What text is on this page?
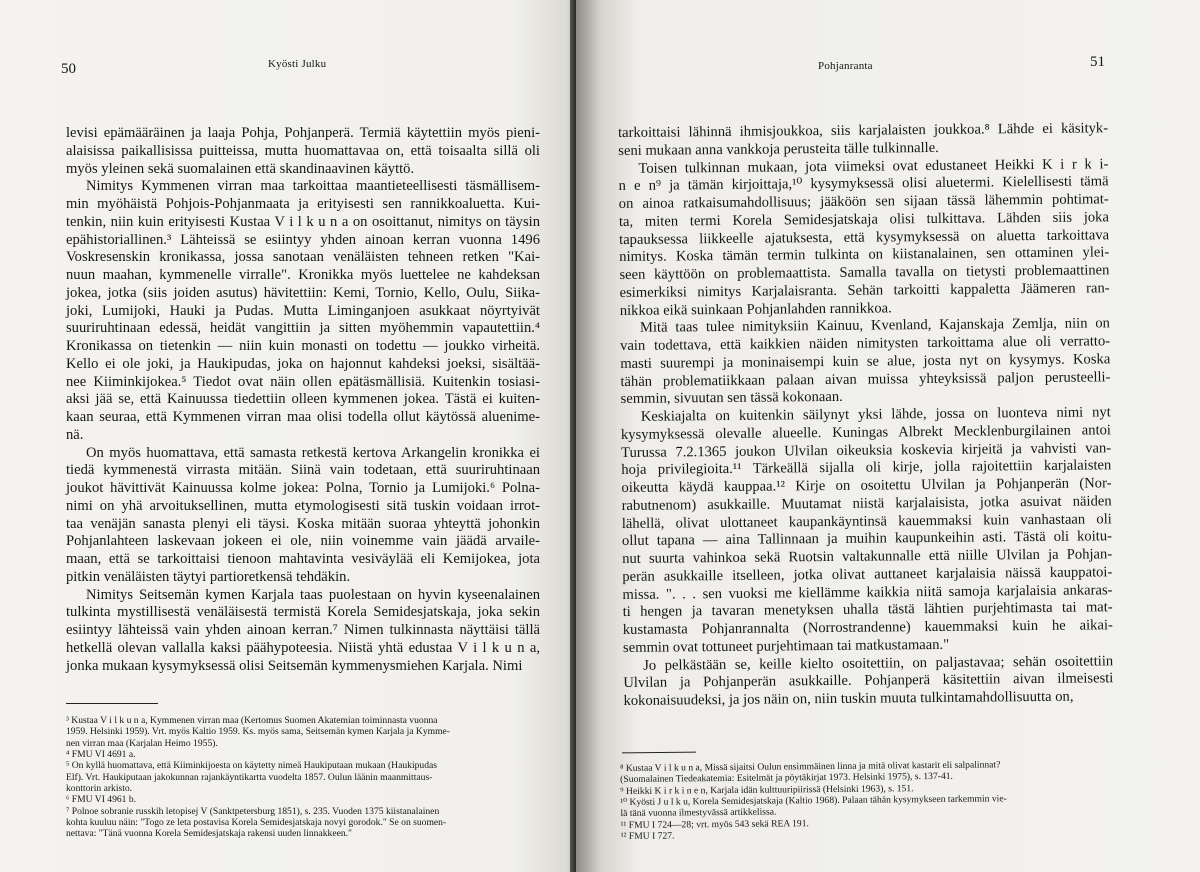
50	Kyösti Julku

levisi epämääräinen ja laaja Pohja, Pohjanperä. Termiä käytettiin myös pieni-
alaisissa paikallisissa puitteissa, mutta huomattavaa on, että toisaalta sillä oli
myös yleinen sekä suomalainen että skandinaavinen käyttö.

Nimitys Kymmenen virran maa tarkoittaa maantieteellisesti täsmällisem-
min myöhäistä Pohjois-Pohjanmaata ja erityisesti sen rannikkoaluetta. Kui-
tenkin, niin kuin erityisesti Kustaa V i l k u n a on osoittanut, nimitys on täysin
epähistoriallinen.³ Lähteissä se esiintyy yhden ainoan kerran vuonna 1496
Voskresenskin kronikassa, jossa sanotaan venäläisten tehneen retken "Kai-
nuun maahan, kymmenelle virralle". Kronikka myös luettelee ne kahdeksan
jokea, jotka (siis joiden asutus) hävitettiin: Kemi, Tornio, Kello, Oulu, Siika-
joki, Lumijoki, Hauki ja Pudas. Mutta Liminganjoen asukkaat nöyrtyivät
suuriruhtinaan edessä, heidät vangittiin ja sitten myöhemmin vapautettiin.⁴
Kronikassa on tietenkin — niin kuin monasti on todettu — joukko virheitä.
Kello ei ole joki, ja Haukipudas, joka on hajonnut kahdeksi joeksi, sisältää-
nee Kiiminkijokea.⁵ Tiedot ovat näin ollen epätäsmällisiä. Kuitenkin tosiasi-
aksi jää se, että Kainuussa tiedettiin olleen kymmenen jokea. Tästä ei kuiten-
kaan seuraa, että Kymmenen virran maa olisi todella ollut käytössä aluenime-
nä.

On myös huomattava, että samasta retkestä kertova Arkangelin kronikka ei
tiedä kymmenestä virrasta mitään. Siinä vain todetaan, että suuriruhtinaan
joukot hävittivät Kainuussa kolme jokea: Polna, Tornio ja Lumijoki.⁶ Polna-
nimi on yhä arvoituksellinen, mutta etymologisesti sitä tuskin voidaan irrot-
taa venäjän sanasta plenyi eli täysi. Koska mitään suoraa yhteyttä johonkin
Pohjanlahteen laskevaan jokeen ei ole, niin voinemme vain jäädä arvaile-
maan, että se tarkoittaisi tienoon mahtavinta vesiväylää eli Kemijokea, jota
pitkin venäläisten täytyi partioretkensä tehdäkin.

Nimitys Seitsemän kymen Karjala taas puolestaan on hyvin kyseenalainen
tulkinta mystillisestä venäläisestä termistä Korela Semidesjatskaja, joka sekin
esiintyy lähteissä vain yhden ainoan kerran.⁷ Nimen tulkinnasta näyttäisi tällä
hetkellä olevan vallalla kaksi päähypoteesia. Niistä yhtä edustaa V i l k u n a,
jonka mukaan kysymyksessä olisi Seitsemän kymmenysmiehen Karjala. Nimi

³ Kustaa V i l k u n a, Kymmenen virran maa (Kertomus Suomen Akatemian toiminnasta vuonna
1959. Helsinki 1959). Vrt. myös Kaltio 1959. Ks. myös sama, Seitsemän kymen Karjala ja Kymme-
nen virran maa (Karjalan Heimo 1955).
⁴ FMU VI 4691 a.
⁵ On kyllä huomattava, että Kiiminkijoesta on käytetty nimeä Haukiputaan mukaan (Haukipudas
Elf). Vrt. Haukiputaan jakokunnan rajankäyntikartta vuodelta 1857. Oulun läänin maanmittaus-
konttorin arkisto.
⁶ FMU VI 4961 b.
⁷ Polnoe sobranie russkih letopisej V (Sanktpetersburg 1851), s. 235. Vuoden 1375 kiistanalainen
kohta kuuluu näin: "Togo ze leta postavisa Korela Semidesjatskaja novyi gorodok." Se on suomen-
nettava: "Tänä vuonna Korela Semidesjatskaja rakensi uuden linnakkeen."
Pohjanranta	51

tarkoittaisi lähinnä ihmisjoukkoa, siis karjalaisten joukkoa.⁸ Lähde ei käsityk-
seni mukaan anna vankkoja perusteita tälle tulkinnalle.

Toisen tulkinnan mukaan, jota viimeksi ovat edustaneet Heikki K i r k i-
n e n⁹ ja tämän kirjoittaja,¹⁰ kysymyksessä olisi aluetermi. Kielellisesti tämä
on ainoa ratkaisumahdollisuus; jääköön sen sijaan tässä lähemmin pohtimat-
ta, miten termi Korela Semidesjatskaja olisi tulkittava. Lähden siis joka
tapauksessa liikkeelle ajatuksesta, että kysymyksessä on aluetta tarkoittava
nimitys. Koska tämän termin tulkinta on kiistanalainen, sen ottaminen ylei-
seen käyttöön on problemaattista. Samalla tavalla on tietysti problemaattinen
esimerkiksi nimitys Karjalaisranta. Sehän tarkoitti kappaletta Jäämeren ran-
nikkoa eikä suinkaan Pohjanlahden rannikkoa.

Mitä taas tulee nimityksiin Kainuu, Kvenland, Kajanskaja Zemlja, niin on
vain todettava, että kaikkien näiden nimitysten tarkoittama alue oli verratto-
masti suurempi ja moninaisempi kuin se alue, josta nyt on kysymys. Koska
tähän problematiikkaan palaan aivan muissa yhteyksissä paljon perusteelli-
semmin, sivuutan sen tässä kokonaan.

Keskiajalta on kuitenkin säilynyt yksi lähde, jossa on luonteva nimi nyt
kysymyksessä olevalle alueelle. Kuningas Albrekt Mecklenburgilainen antoi
Turussa 7.2.1365 joukon Ulvilan oikeuksia koskevia kirjeitä ja vahvisti van-
hoja privilegioita.¹¹ Tärkeällä sijalla oli kirje, jolla rajoitettiin karjalaisten
oikeutta käydä kauppaa.¹² Kirje on osoitettu Ulvilan ja Pohjanperän (Nor-
rabutnenom) asukkaille. Muutamat niistä karjalaisista, jotka asuivat näiden
lähellä, olivat ulottaneet kaupankäyntinsä kauemmaksi kuin vanhastaan oli
ollut tapana — aina Tallinnaan ja muihin kaupunkeihin asti. Tästä oli koitu-
nut suurta vahinkoa sekä Ruotsin valtakunnalle että niille Ulvilan ja Pohjan-
perän asukkaille itselleen, jotka olivat auttaneet karjalaisia näissä kauppatoi-
missa. ". . . sen vuoksi me kiellämme kaikkia niitä samoja karjalaisia ankaras-
ti hengen ja tavaran menetyksen uhalla tästä lähtien purjehtimasta tai mat-
kustamasta Pohjanrannalta (Norrostrandenne) kauemmaksi kuin he aikai-
semmin ovat tottuneet purjehtimaan tai matkustamaan."

Jo pelkästään se, keille kielto osoitettiin, on paljastavaa; sehän osoitettiin
Ulvilan ja Pohjanperän asukkaille. Pohjanperä käsitettiin aivan ilmeisesti
kokonaisuudeksi, ja jos näin on, niin tuskin muuta tulkintamahdollisuutta on,

⁸ Kustaa V i l k u n a, Missä sijaitsi Oulun ensimmäinen linna ja mitä olivat kastarit eli salpalinnat?
(Suomalainen Tiedeakatemia: Esitelmät ja pöytäkirjat 1973. Helsinki 1975), s. 137-41.
⁹ Heikki K i r k i n e n, Karjala idän kulttuuripiirissä (Helsinki 1963), s. 151.
¹⁰ Kyösti J u l k u, Korela Semidesjatskaja (Kaltio 1968). Palaan tähän kysymykseen tarkemmin vie-
lä tänä vuonna ilmestyvässä artikkelissa.
¹¹ FMU I 724—28; vrt. myös 543 sekä REA 191.
¹² FMU I 727.
